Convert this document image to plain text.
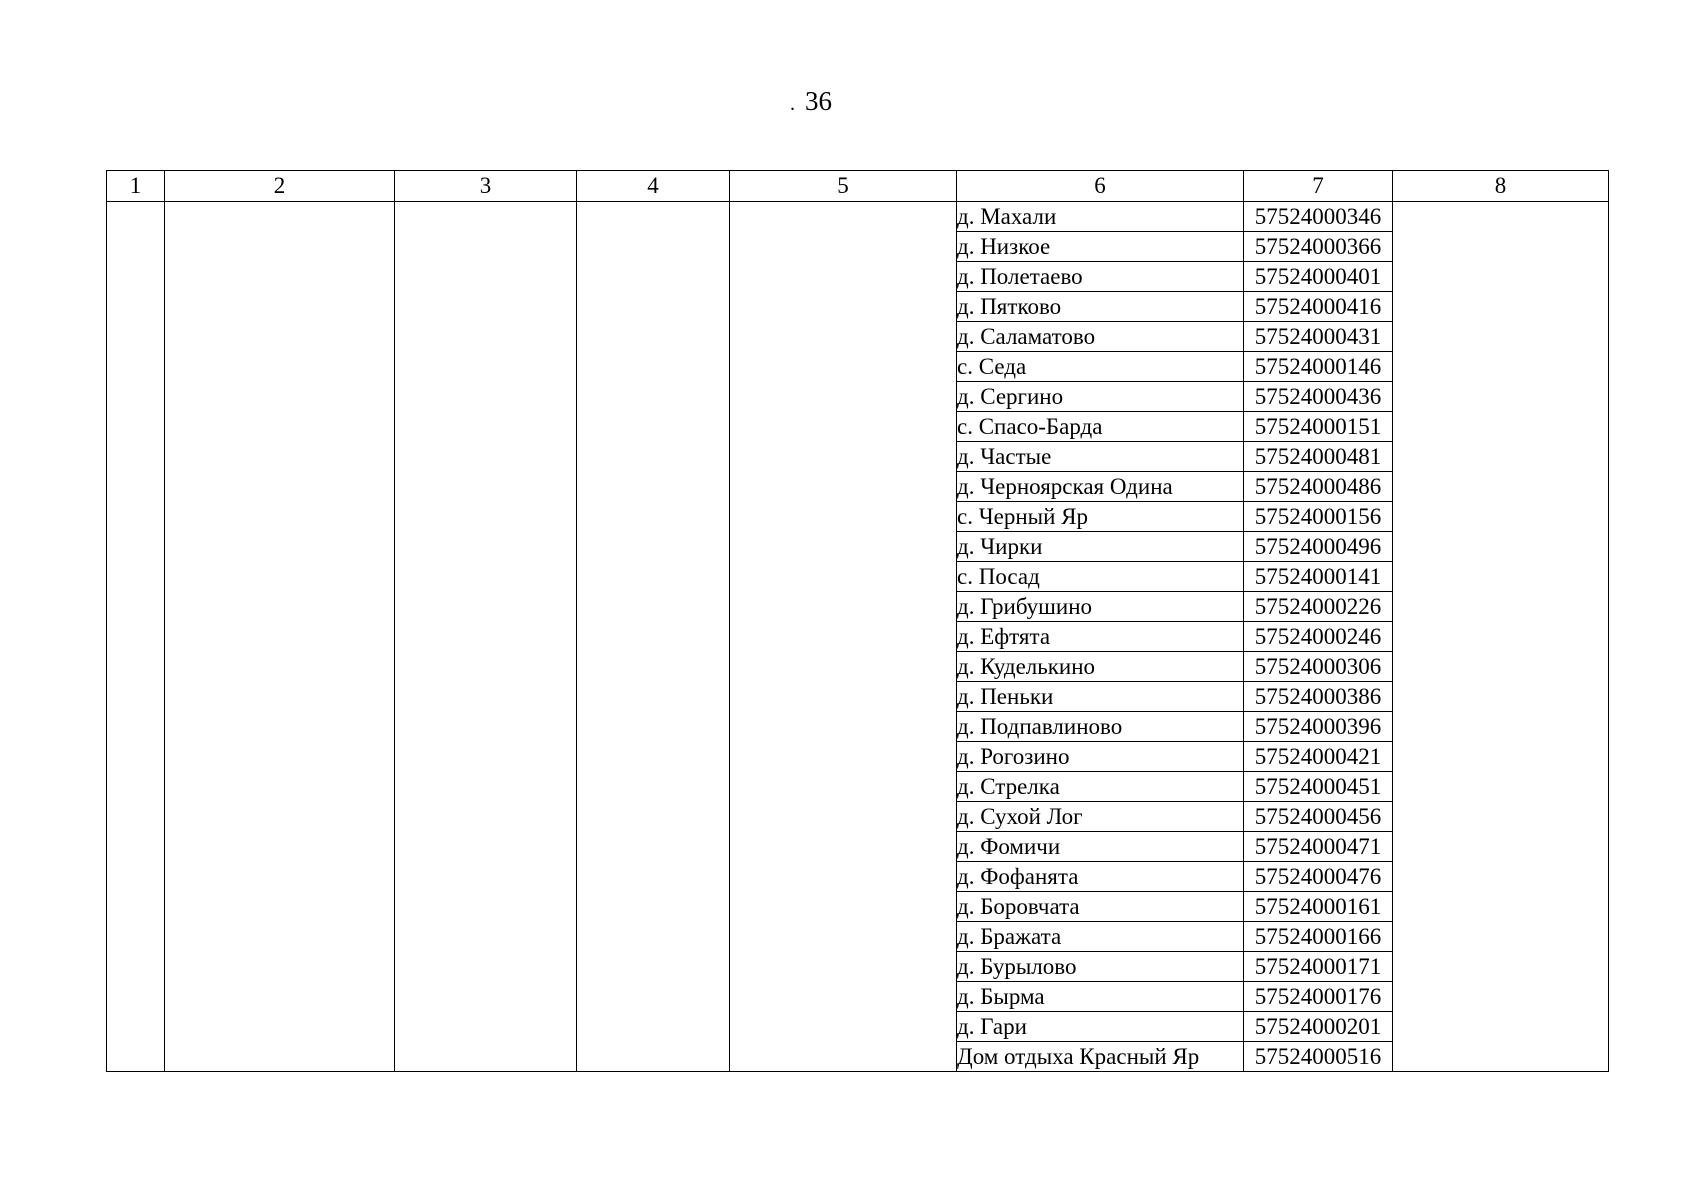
. 36
1	2	3	4	5	6	7	8
					д. Махали	57524000346	
					д. Низкое	57524000366	
					д. Полетаево	57524000401	
					д. Пятково	57524000416	
					д. Саламатово	57524000431	
					с. Седа	57524000146	
					д. Сергино	57524000436	
					с. Спасо-Барда	57524000151	
					д. Частые	57524000481	
					д. Черноярская Одина	57524000486	
					с. Черный Яр	57524000156	
					д. Чирки	57524000496	
					с. Посад	57524000141	
					д. Грибушино	57524000226	
					д. Ефтята	57524000246	
					д. Куделькино	57524000306	
					д. Пеньки	57524000386	
					д. Подпавлиново	57524000396	
					д. Рогозино	57524000421	
					д. Стрелка	57524000451	
					д. Сухой Лог	57524000456	
					д. Фомичи	57524000471	
					д. Фофанята	57524000476	
					д. Боровчата	57524000161	
					д. Бражата	57524000166	
					д. Бурылово	57524000171	
					д. Бырма	57524000176	
					д. Гари	57524000201	
					Дом отдыха Красный Яр	57524000516	
